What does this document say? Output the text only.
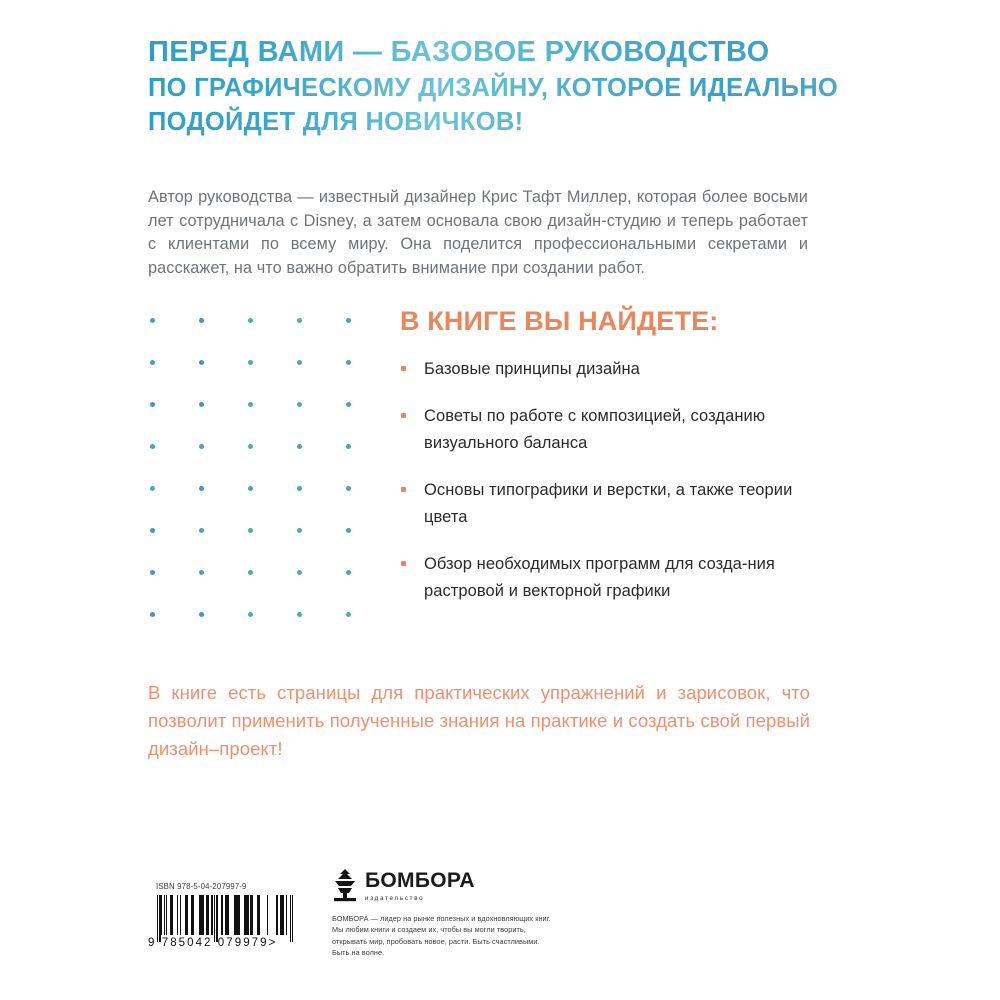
ПЕРЕД ВАМИ — БАЗОВОЕ РУКОВОДСТВО
ПО ГРАФИЧЕСКОМУ ДИЗАЙНУ, КОТОРОЕ ИДЕАЛЬНО
ПОДОЙДЕТ ДЛЯ НОВИЧКОВ!

Автор руководства — известный дизайнер Крис Тафт Миллер, которая более восьми лет сотрудничала с Disney, а затем основала свою дизайн-студию и теперь работает с клиентами по всему миру. Она поделится профессиональными секретами и расскажет, на что важно обратить внимание при создании работ.

В КНИГЕ ВЫ НАЙДЕТЕ:
Базовые принципы дизайна
Советы по работе с композицией, созданию визуального баланса
Основы типографики и верстки, а также теории цвета
Обзор необходимых программ для созда-ния растровой и векторной графики

В книге есть страницы для практических упражнений и зарисовок, что позволит применить полученные знания на практике и создать свой первый дизайн–проект!

ISBN 978-5-04-207997-9
9 785042 079979>
БОМБОРА
издательство
БОМБОРА — лидер на рынке полезных и вдохновляющих книг. Мы любим книги и создаем их, чтобы вы могли творить, открывать мир, пробовать новое, расти. Быть счастливыми. Быть на волне.
